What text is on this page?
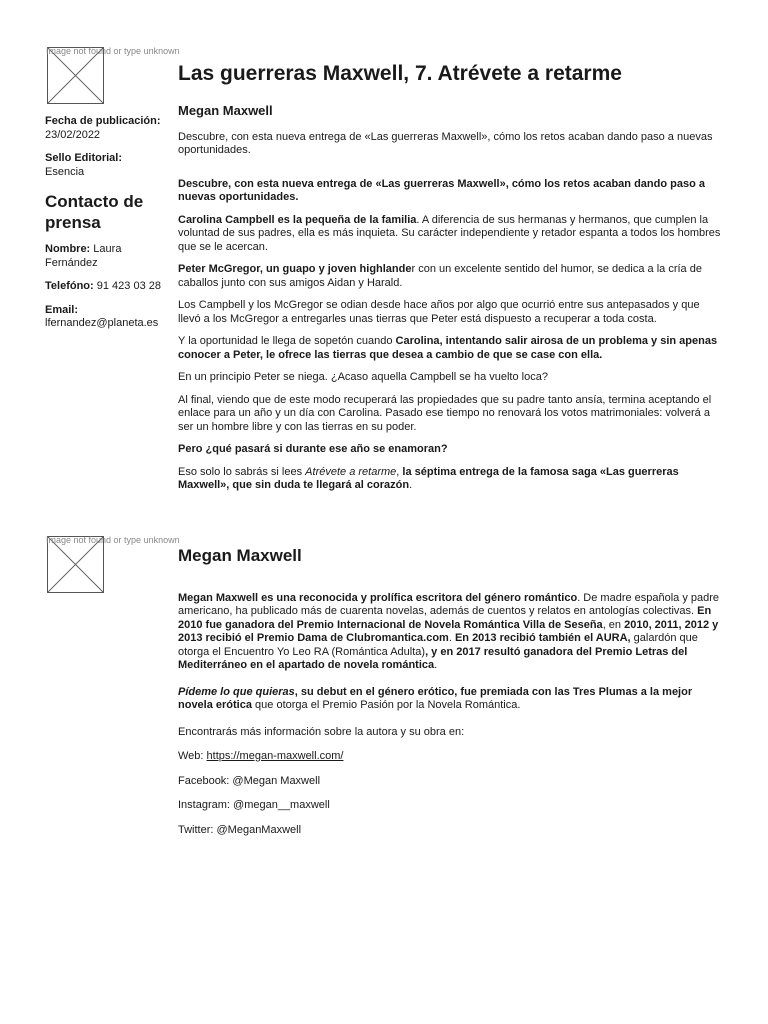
Image not found or type unknown
Las guerreras Maxwell, 7. Atrévete a retarme
Fecha de publicación:
23/02/2022
Sello Editorial:
Esencia
Contacto de prensa
Nombre: Laura Fernández
Telefóno: 91 423 03 28
Email:
lfernandez@planeta.es

Megan Maxwell

Descubre, con esta nueva entrega de «Las guerreras Maxwell», cómo los retos acaban dando paso a nuevas oportunidades.

Descubre, con esta nueva entrega de «Las guerreras Maxwell», cómo los retos acaban dando paso a nuevas oportunidades.

Carolina Campbell es la pequeña de la familia. A diferencia de sus hermanas y hermanos, que cumplen la voluntad de sus padres, ella es más inquieta. Su carácter independiente y retador espanta a todos los hombres que se le acercan.

Peter McGregor, un guapo y joven highlander con un excelente sentido del humor, se dedica a la cría de caballos junto con sus amigos Aidan y Harald.

Los Campbell y los McGregor se odian desde hace años por algo que ocurrió entre sus antepasados y que llevó a los McGregor a entregarles unas tierras que Peter está dispuesto a recuperar a toda costa.

Y la oportunidad le llega de sopetón cuando Carolina, intentando salir airosa de un problema y sin apenas conocer a Peter, le ofrece las tierras que desea a cambio de que se case con ella.

En un principio Peter se niega. ¿Acaso aquella Campbell se ha vuelto loca?

Al final, viendo que de este modo recuperará las propiedades que su padre tanto ansía, termina aceptando el enlace para un año y un día con Carolina. Pasado ese tiempo no renovará los votos matrimoniales: volverá a ser un hombre libre y con las tierras en su poder.

Pero ¿qué pasará si durante ese año se enamoran?

Eso solo lo sabrás si lees Atrévete a retarme, la séptima entrega de la famosa saga «Las guerreras Maxwell», que sin duda te llegará al corazón.

Image not found or type unknown

Megan Maxwell

Megan Maxwell es una reconocida y prolífica escritora del género romántico. De madre española y padre americano, ha publicado más de cuarenta novelas, además de cuentos y relatos en antologías colectivas. En 2010 fue ganadora del Premio Internacional de Novela Romántica Villa de Seseña, en 2010, 2011, 2012 y 2013 recibió el Premio Dama de Clubromantica.com. En 2013 recibió también el AURA, galardón que otorga el Encuentro Yo Leo RA (Romántica Adulta), y en 2017 resultó ganadora del Premio Letras del Mediterráneo en el apartado de novela romántica.

Pídeme lo que quieras, su debut en el género erótico, fue premiada con las Tres Plumas a la mejor novela erótica que otorga el Premio Pasión por la Novela Romántica.

Encontrarás más información sobre la autora y su obra en:

Web: https://megan-maxwell.com/

Facebook: @Megan Maxwell

Instagram: @megan__maxwell

Twitter: @MeganMaxwell
